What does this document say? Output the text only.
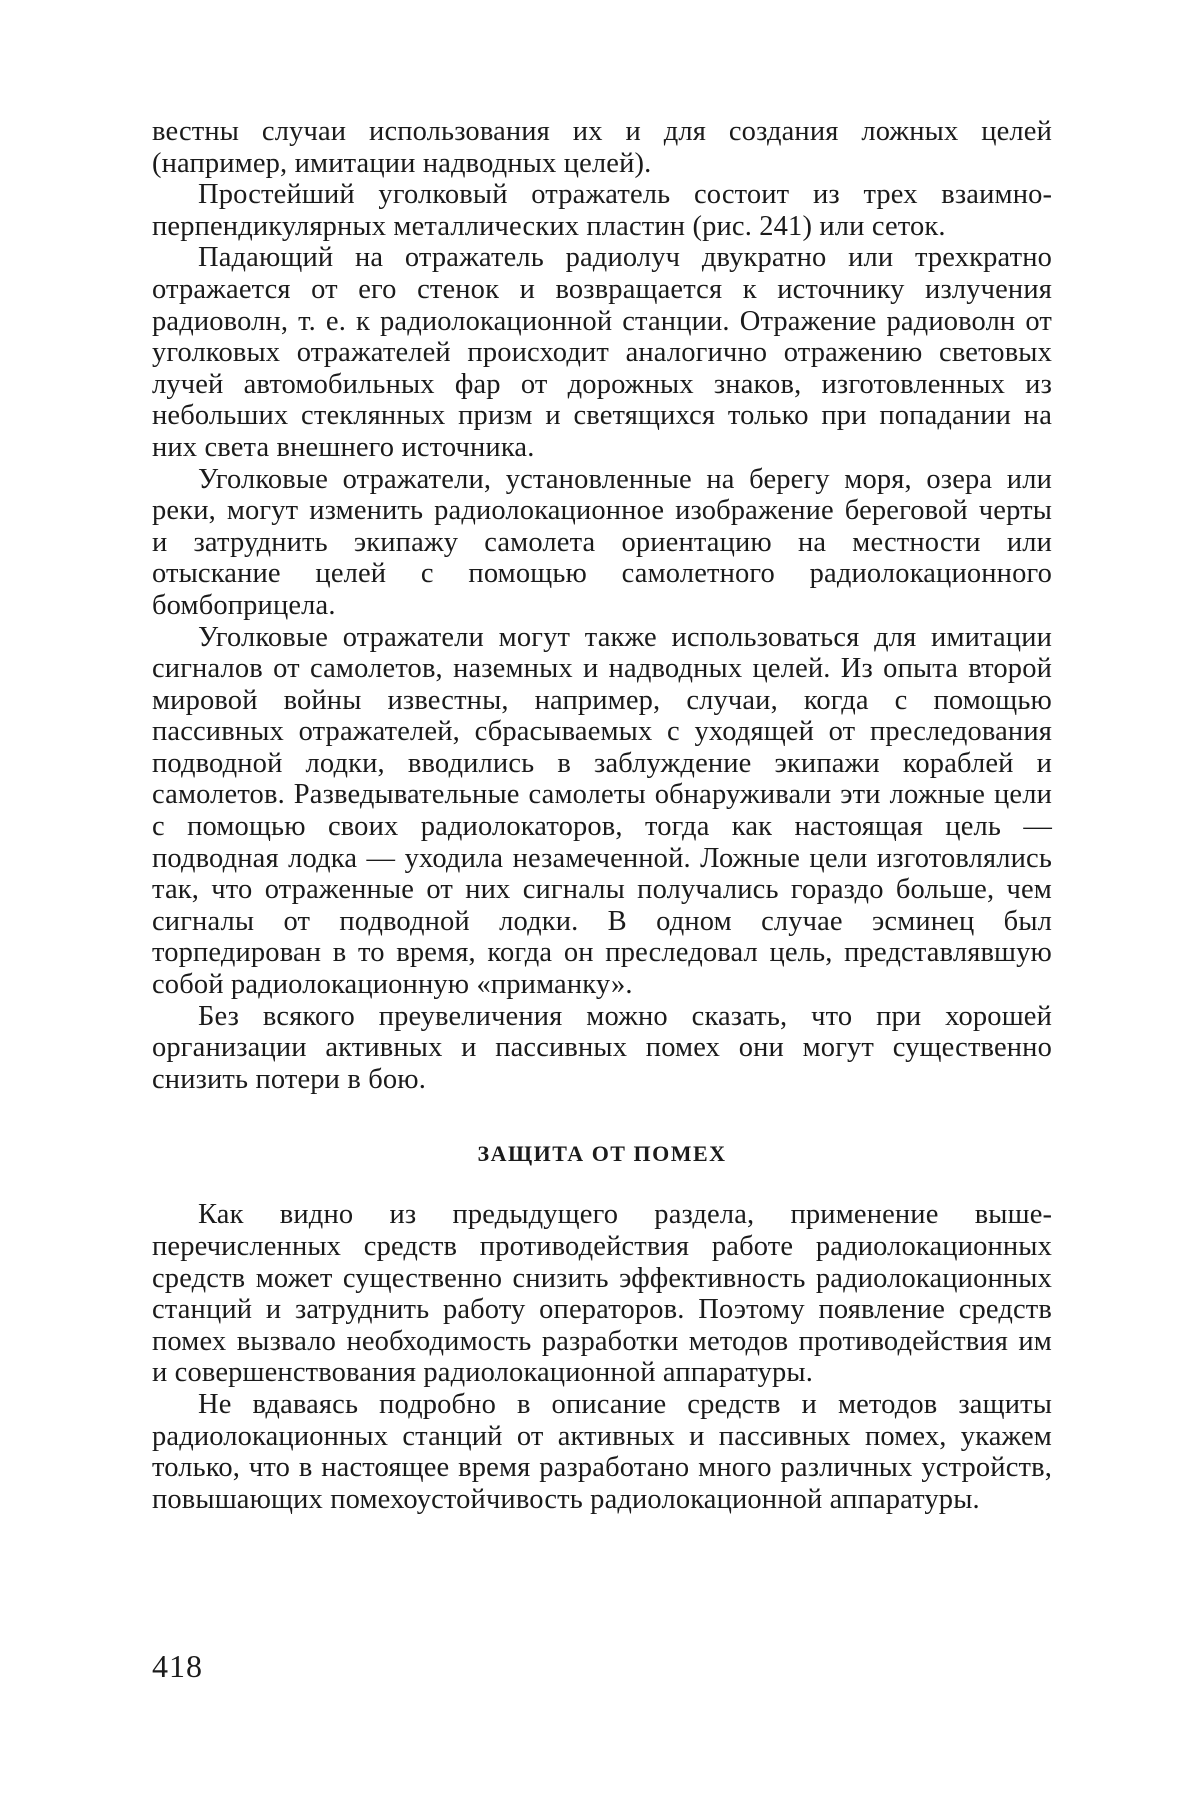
вестны случаи использования их и для создания ложных целей (например, имитации надводных целей).

Простейший уголковый отражатель состоит из трех взаимноперпендикулярных металлических пластин (рис. 241) или сеток.

Падающий на отражатель радиолуч двукратно или трехкратно отражается от его стенок и возвращается к источнику излучения радиоволн, т. е. к радиолокационной станции. Отражение радиоволн от уголковых отражателей происходит аналогично отражению световых лучей автомобильных фар от дорожных знаков, изготовленных из небольших стеклянных призм и светящихся только при попадании на них света внешнего источника.

Уголковые отражатели, установленные на берегу моря, озера или реки, могут изменить радиолокационное изображение береговой черты и затруднить экипажу самолета ориентацию на местности или отыскание целей с помощью самолетного радиолокационного бомбоприцела.

Уголковые отражатели могут также использоваться для имитации сигналов от самолетов, наземных и надводных целей. Из опыта второй мировой войны известны, например, случаи, когда с помощью пассивных отражателей, сбрасываемых с уходящей от преследования подводной лодки, вводились в заблуждение экипажи кораблей и самолетов. Разведывательные самолеты обнаруживали эти ложные цели с помощью своих радиолокаторов, тогда как настоящая цель — подводная лодка — уходила незамеченной. Ложные цели изготовлялись так, что отраженные от них сигналы получались гораздо больше, чем сигналы от подводной лодки. В одном случае эсминец был торпедирован в то время, когда он преследовал цель, представлявшую собой радиолокационную «приманку».

Без всякого преувеличения можно сказать, что при хорошей организации активных и пассивных помех они могут существенно снизить потери в бою.

ЗАЩИТА ОТ ПОМЕХ

Как видно из предыдущего раздела, применение вышеперечисленных средств противодействия работе радиолокационных средств может существенно снизить эффективность радиолокационных станций и затруднить работу операторов. Поэтому появление средств помех вызвало необходимость разработки методов противодействия им и совершенствования радиолокационной аппаратуры.

Не вдаваясь подробно в описание средств и методов защиты радиолокационных станций от активных и пассивных помех, укажем только, что в настоящее время разработано много различных устройств, повышающих помехоустойчивость радиолокационной аппаратуры.

418
